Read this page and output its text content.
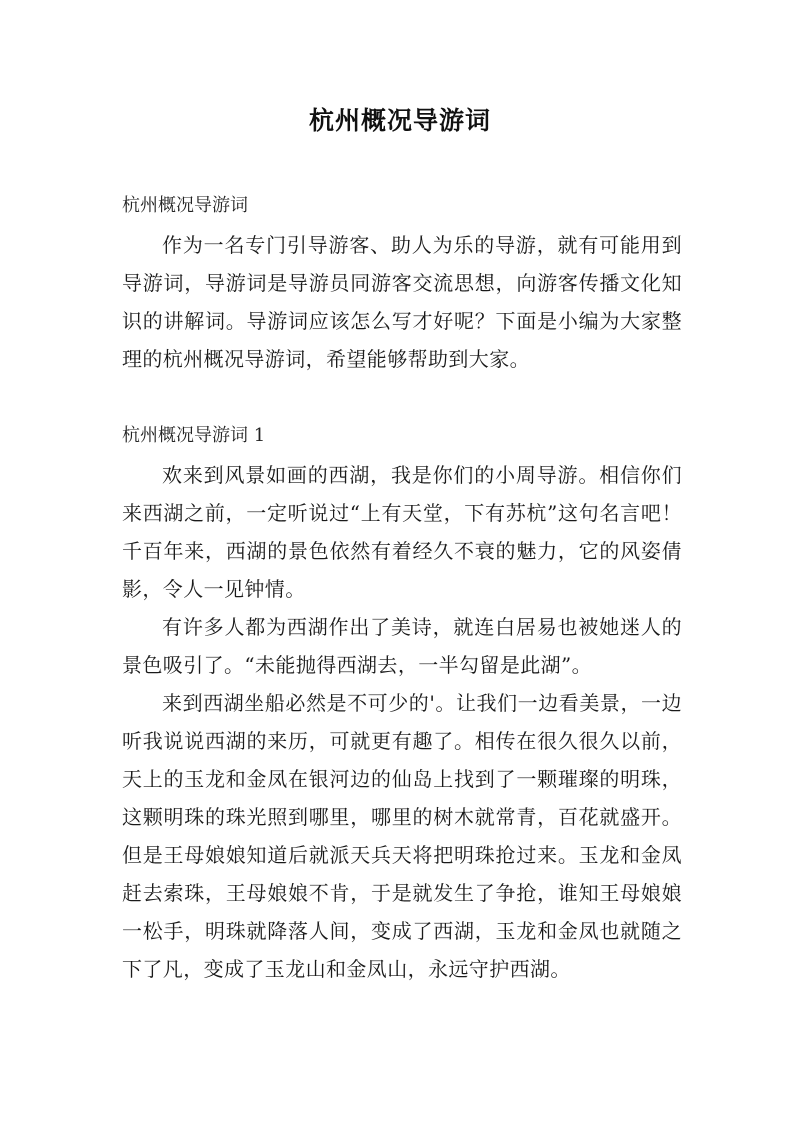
杭州概况导游词

杭州概况导游词

作为一名专门引导游客、助人为乐的导游，就有可能用到导游词，导游词是导游员同游客交流思想，向游客传播文化知识的讲解词。导游词应该怎么写才好呢？下面是小编为大家整理的杭州概况导游词，希望能够帮助到大家。

杭州概况导游词 1

欢来到风景如画的西湖，我是你们的小周导游。相信你们来西湖之前，一定听说过“上有天堂，下有苏杭”这句名言吧！千百年来，西湖的景色依然有着经久不衰的魅力，它的风姿倩影，令人一见钟情。

有许多人都为西湖作出了美诗，就连白居易也被她迷人的景色吸引了。“未能抛得西湖去，一半勾留是此湖”。

来到西湖坐船必然是不可少的'。让我们一边看美景，一边听我说说西湖的来历，可就更有趣了。相传在很久很久以前，天上的玉龙和金凤在银河边的仙岛上找到了一颗璀璨的明珠，这颗明珠的珠光照到哪里，哪里的树木就常青，百花就盛开。但是王母娘娘知道后就派天兵天将把明珠抢过来。玉龙和金凤赶去索珠，王母娘娘不肯，于是就发生了争抢，谁知王母娘娘一松手，明珠就降落人间，变成了西湖，玉龙和金凤也就随之下了凡，变成了玉龙山和金凤山，永远守护西湖。
